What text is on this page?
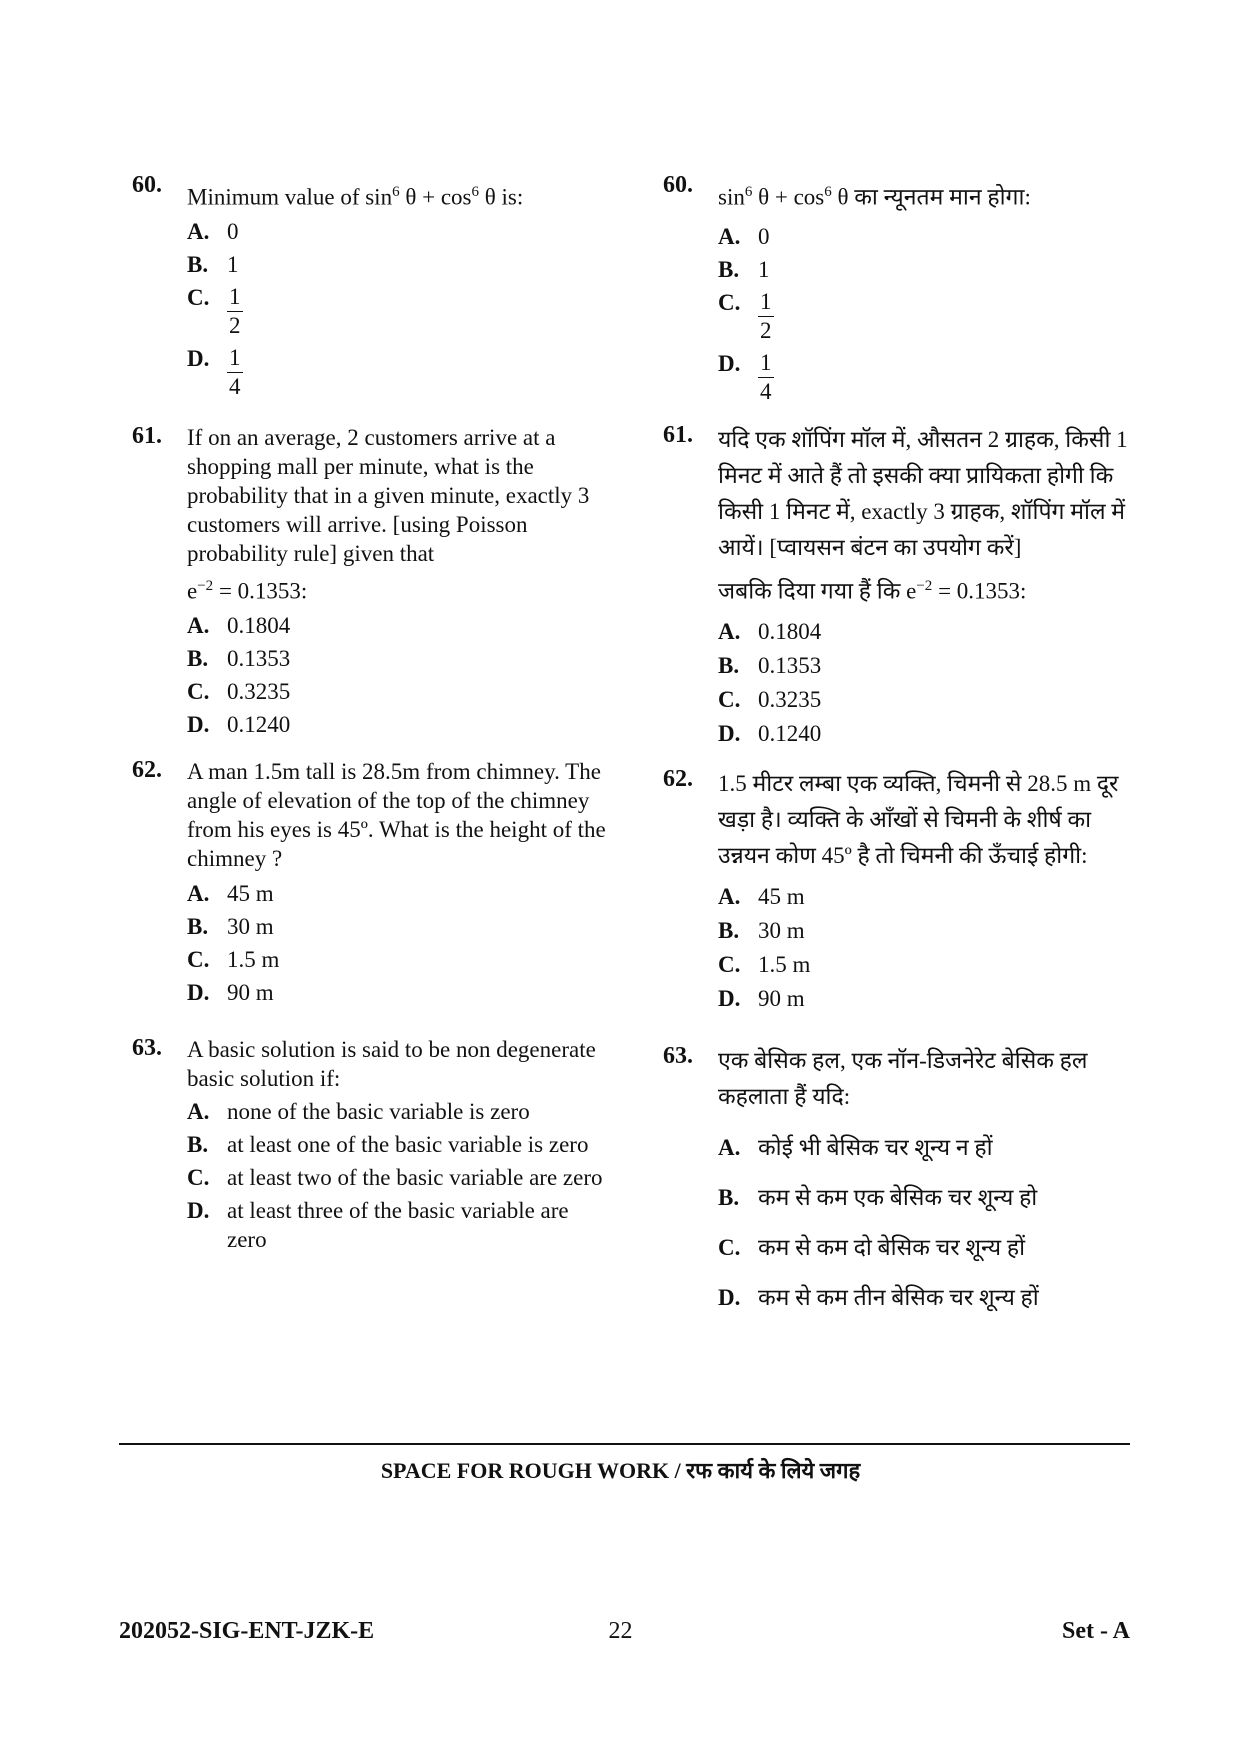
60. Minimum value of $\sin^6 \theta + \cos^6 \theta$ is:
A. 0
B. 1
C. $\frac{1}{2}$
D. $\frac{1}{4}$
61. If on an average, 2 customers arrive at a shopping mall per minute, what is the probability that in a given minute, exactly 3 customers will arrive. [using Poisson probability rule] given that
$e^{-2} = 0.1353$:
A. 0.1804
B. 0.1353
C. 0.3235
D. 0.1240
62. A man 1.5m tall is 28.5m from chimney. The angle of elevation of the top of the chimney from his eyes is 45º. What is the height of the chimney ?
A. 45 m
B. 30 m
C. 1.5 m
D. 90 m
63. A basic solution is said to be non degenerate basic solution if:
A. none of the basic variable is zero
B. at least one of the basic variable is zero
C. at least two of the basic variable are zero
D. at least three of the basic variable are zero
60. $\sin^6 \theta + \cos^6 \theta$ का न्यूनतम मान होगा:
A. 0
B. 1
C. $\frac{1}{2}$
D. $\frac{1}{4}$
61. यदि एक शॉपिंग मॉल में, औसतन 2 ग्राहक, किसी 1 मिनट में आते हैं तो इसकी क्या प्रायिकता होगी कि किसी 1 मिनट में, exactly 3 ग्राहक, शॉपिंग मॉल में आयें। [प्वायसन बंटन का उपयोग करें]
जबकि दिया गया हैं कि $e^{-2} = 0.1353$:
A. 0.1804
B. 0.1353
C. 0.3235
D. 0.1240
62. 1.5 मीटर लम्बा एक व्यक्ति, चिमनी से 28.5 m दूर खड़ा है। व्यक्ति के आँखों से चिमनी के शीर्ष का उन्नयन कोण 45º है तो चिमनी की ऊँचाई होगी:
A. 45 m
B. 30 m
C. 1.5 m
D. 90 m
63. एक बेसिक हल, एक नॉन-डिजनेरेट बेसिक हल कहलाता हैं यदि:
A. कोई भी बेसिक चर शून्य न हों
B. कम से कम एक बेसिक चर शून्य हो
C. कम से कम दो बेसिक चर शून्य हों
D. कम से कम तीन बेसिक चर शून्य हों
SPACE FOR ROUGH WORK / रफ कार्य के लिये जगह
202052-SIG-ENT-JZK-E	22	Set - A
